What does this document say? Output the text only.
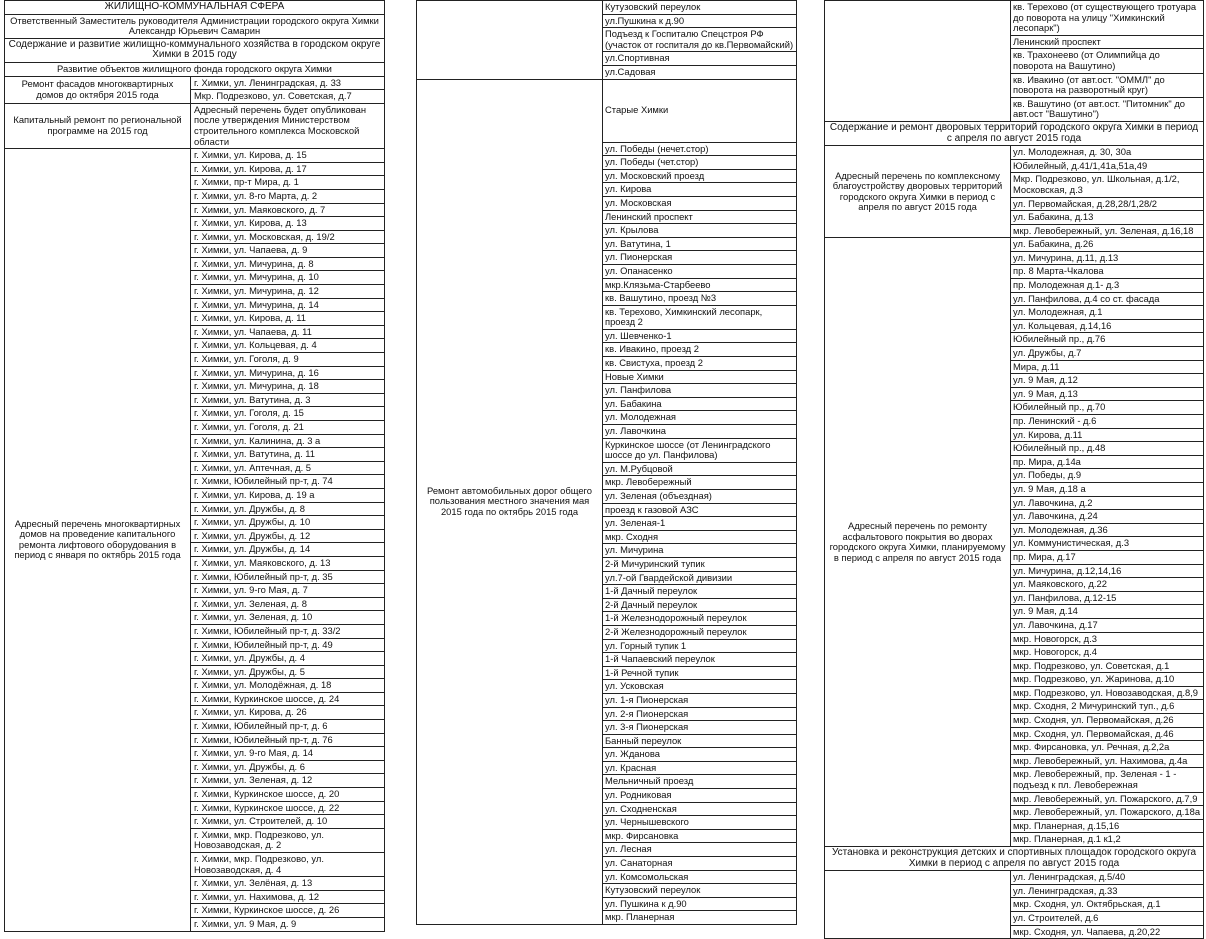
ЖИЛИЩНО-КОММУНАЛЬНАЯ СФЕРА	
Ответственный Заместитель руководителя Администрации городского округа Химки Александр Юрьевич Самарин	
Содержание и развитие жилищно-коммунального хозяйства в городском округе Химки в 2015 году	
Развитие объектов жилищного фонда городского округа Химки	
Ремонт фасадов многоквартирных домов до октября 2015 года	г. Химки, ул. Ленинградская, д. 33
	Мкр. Подрезково, ул. Советская, д.7
Капитальный ремонт по региональной программе на 2015 год	Адресный перечень будет опубликован после утверждения Министерством строительного комплекса Московской области
Адресный перечень многоквартирных домов на проведение капитального ремонта лифтового оборудования в период с января по октябрь 2015 года	г. Химки, ул. Кирова, д. 15
	г. Химки, ул. Кирова, д. 17
	г. Химки, пр-т Мира, д. 1
	г. Химки, ул. 8-го Марта, д. 2
	г. Химки, ул. Маяковского, д. 7
	г. Химки, ул. Кирова, д. 13
	г. Химки, ул. Московская, д. 19/2
	г. Химки, ул. Чапаева, д. 9
	г. Химки, ул. Мичурина, д. 8
	г. Химки, ул. Мичурина, д. 10
	г. Химки, ул. Мичурина, д. 12
	г. Химки, ул. Мичурина, д. 14
	г. Химки, ул. Кирова, д. 11
	г. Химки, ул. Чапаева, д. 11
	г. Химки, ул. Кольцевая, д. 4
	г. Химки, ул. Гоголя, д. 9
	г. Химки, ул. Мичурина, д. 16
	г. Химки, ул. Мичурина, д. 18
	г. Химки, ул. Ватутина, д. 3
	г. Химки, ул. Гоголя, д. 15
	г. Химки, ул. Гоголя, д. 21
	г. Химки, ул. Калинина, д. 3 а
	г. Химки, ул. Ватутина, д. 11
	г. Химки, ул. Аптечная, д. 5
	г. Химки, Юбилейный пр-т, д. 74
	г. Химки, ул. Кирова, д. 19 а
	г. Химки, ул. Дружбы, д. 8
	г. Химки, ул. Дружбы, д. 10
	г. Химки, ул. Дружбы, д. 12
	г. Химки, ул. Дружбы, д. 14
	г. Химки, ул. Маяковского, д. 13
	г. Химки, Юбилейный пр-т, д. 35
	г. Химки, ул. 9-го Мая, д. 7
	г. Химки, ул. Зеленая, д. 8
	г. Химки, ул. Зеленая, д. 10
	г. Химки, Юбилейный пр-т, д. 33/2
	г. Химки, Юбилейный пр-т, д. 49
	г. Химки, ул. Дружбы, д. 4
	г. Химки, ул. Дружбы, д. 5
	г. Химки, ул. Молодёжная, д. 18
	г. Химки, Куркинское шоссе, д. 24
	г. Химки, ул. Кирова, д. 26
	г. Химки, Юбилейный пр-т, д. 6
	г. Химки, Юбилейный пр-т, д. 76
	г. Химки, ул. 9-го Мая, д. 14
	г. Химки, ул. Дружбы, д. 6
	г. Химки, ул. Зеленая, д. 12
	г. Химки, Куркинское шоссе, д. 20
	г. Химки, Куркинское шоссе, д. 22
	г. Химки, ул. Строителей, д. 10
	г. Химки, мкр. Подрезково, ул. Новозаводская, д. 2
	г. Химки, мкр. Подрезково, ул. Новозаводская, д. 4
	г. Химки, ул. Зелёная, д. 13
	г. Химки, ул. Нахимова, д. 12
	г. Химки, Куркинское шоссе, д. 26
	г. Химки, ул. 9 Мая, д. 9
	Кутузовский переулок
	ул.Пушкина к д.90
	Подъезд к Госпиталю Спецстроя РФ (участок от госпиталя до кв.Первомайский)
	ул.Спортивная
	ул.Садовая
Ремонт автомобильных дорог общего пользования местного значения мая 2015 года по октябрь 2015 года	Старые Химки
	ул. Победы (нечет.стор)
	ул. Победы (чет.стор)
	ул. Московский проезд
	ул. Кирова
	ул. Московская
	Ленинский проспект
	ул. Крылова
	ул. Ватутина, 1
	ул. Пионерская
	ул. Опанасенко
	мкр.Клязьма-Старбеево
	кв. Вашутино, проезд №3
	кв. Терехово, Химкинский лесопарк, проезд 2
	ул. Шевченко-1
	кв. Ивакино, проезд 2
	кв. Свистуха, проезд 2
	Новые Химки
	ул. Панфилова
	ул. Бабакина
	ул. Молодежная
	ул. Лавочкина
	Куркинское шоссе (от Ленинградского шоссе до ул. Панфилова)
	ул. М.Рубцовой
	мкр. Левобережный
	ул. Зеленая (объездная)
	проезд к газовой АЗС
	ул. Зеленая-1
	мкр. Сходня
	ул. Мичурина
	2-й Мичуринский тупик
	ул.7-ой Гвардейской дивизии
	1-й Дачный переулок
	2-й Дачный переулок
	1-й Железнодорожный переулок
	2-й Железнодорожный переулок
	ул. Горный тупик 1
	1-й Чапаевский переулок
	1-й Речной тупик
	ул. Усковская
	ул. 1-я Пионерская
	ул. 2-я Пионерская
	ул. 3-я Пионерская
	Банный переулок
	ул. Жданова
	ул. Красная
	Мельничный проезд
	ул. Родниковая
	ул. Сходненская
	ул. Чернышевского
	мкр. Фирсановка
	ул. Лесная
	ул. Санаторная
	ул. Комсомольская
	Кутузовский переулок
	ул. Пушкина к д.90
	мкр. Планерная
	кв. Терехово (от существующего тротуара до поворота на улицу "Химкинский лесопарк")
	Ленинский проспект
	кв. Трахонеево (от Олимпийца до поворота на Вашутино)
	кв. Ивакино (от авт.ост. "ОММЛ" до поворота на разворотный круг)
	кв. Вашутино (от авт.ост. "Питомник" до авт.ост "Вашутино")
Содержание и ремонт дворовых территорий городского округа Химки в период с апреля по август 2015 года	
Адресный перечень по комплексному благоустройству дворовых территорий городского округа Химки в период с апреля по август 2015 года	ул. Молодежная, д. 30, 30а
	Юбилейный, д.41/1,41а,51а,49
	Мкр. Подрезково, ул. Школьная, д.1/2, Московская, д.3
	ул. Первомайская, д.28,28/1,28/2
	ул. Бабакина, д.13
	мкр. Левобережный, ул. Зеленая, д.16,18
Адресный перечень по ремонту асфальтового покрытия во дворах городского округа Химки, планируемому в период с апреля по август 2015 года	ул. Бабакина, д.26
	ул. Мичурина, д.11, д.13
	пр. 8 Марта-Чкалова
	пр. Молодежная д.1- д.3
	ул. Панфилова, д.4 со ст. фасада
	ул. Молодежная, д.1
	ул. Кольцевая, д.14,16
	Юбилейный пр., д.76
	ул. Дружбы, д.7
	Мира, д.11
	ул. 9 Мая, д.12
	ул. 9 Мая, д.13
	Юбилейный пр., д.70
	пр. Ленинский - д.6
	ул. Кирова, д.11
	Юбилейный пр., д.48
	пр. Мира, д.14а
	ул. Победы, д.9
	ул. 9 Мая, д.18 а
	ул. Лавочкина, д.2
	ул. Лавочкина, д.24
	ул. Молодежная, д.36
	ул. Коммунистическая, д.3
	пр. Мира, д.17
	ул. Мичурина, д.12,14,16
	ул. Маяковского, д.22
	ул. Панфилова, д.12-15
	ул. 9 Мая, д.14
	ул. Лавочкина, д.17
	мкр. Новогорск, д.3
	мкр. Новогорск, д.4
	мкр. Подрезково, ул. Советская, д.1
	мкр. Подрезково, ул. Жаринова, д.10
	мкр. Подрезково, ул. Новозаводская, д.8,9
	мкр. Сходня, 2 Мичуринский туп., д.6
	мкр. Сходня, ул. Первомайская, д.26
	мкр. Сходня, ул. Первомайская, д.46
	мкр. Фирсановка, ул. Речная, д.2,2а
	мкр. Левобережный, ул. Нахимова, д.4а
	мкр. Левобережный, пр. Зеленая - 1 - подъезд к пл. Левобережная
	мкр. Левобережный, ул. Пожарского, д.7,9
	мкр. Левобережный, ул. Пожарского, д.18а
	мкр. Планерная, д.15,16
	мкр. Планерная, д.1 к1,2
Установка и реконструкция детских и спортивных площадок городского округа Химки в период с апреля по август 2015 года	
	ул. Ленинградская, д.5/40
	ул. Ленинградская, д.33
	мкр. Сходня, ул. Октябрьская, д.1
	ул. Строителей, д.6
	мкр. Сходня, ул. Чапаева, д.20,22
